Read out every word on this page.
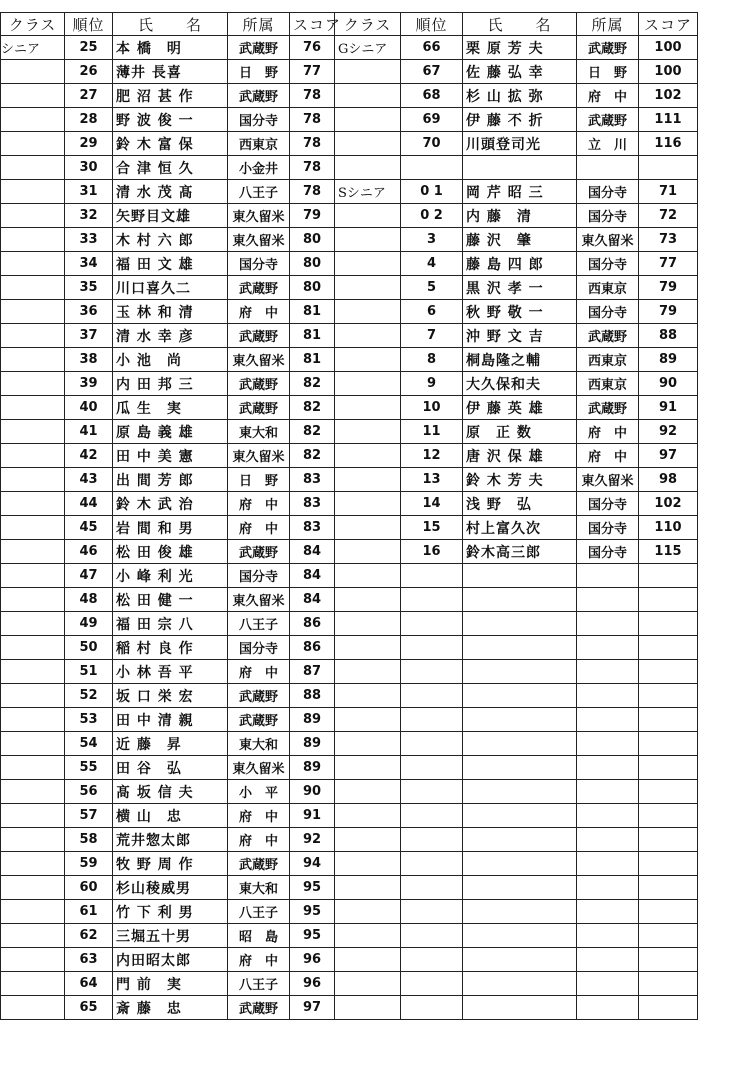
クラス	順位	氏　　名	所属	スコア	クラス	順位	氏　　名	所属	スコア
シニア	25	本 橋　明	武蔵野	76	Gシニア	66	栗 原 芳 夫	武蔵野	100
	26	薄井 長喜	日　野	77		67	佐 藤 弘 幸	日　野	100
	27	肥 沼 甚 作	武蔵野	78		68	杉 山 拡 弥	府　中	102
	28	野 波 俊 一	国分寺	78		69	伊 藤 不 折	武蔵野	111
	29	鈴 木 富 保	西東京	78		70	川頭登司光	立　川	116
	30	合 津 恒 久	小金井	78					
	31	清 水 茂 髙	八王子	78	Sシニア	0 1	岡 芹 昭 三	国分寺	71
	32	矢野目文雄	東久留米	79		0 2	内 藤　清	国分寺	72
	33	木 村 六 郎	東久留米	80		3	藤 沢　肇	東久留米	73
	34	福 田 文 雄	国分寺	80		4	藤 島 四 郎	国分寺	77
	35	川口喜久二	武蔵野	80		5	黒 沢 孝 一	西東京	79
	36	玉 林 和 清	府　中	81		6	秋 野 敬 一	国分寺	79
	37	清 水 幸 彦	武蔵野	81		7	沖 野 文 吉	武蔵野	88
	38	小 池　尚	東久留米	81		8	桐島隆之輔	西東京	89
	39	内 田 邦 三	武蔵野	82		9	大久保和夫	西東京	90
	40	瓜 生　実	武蔵野	82		10	伊 藤 英 雄	武蔵野	91
	41	原 島 義 雄	東大和	82		11	原　正 数	府　中	92
	42	田 中 美 憲	東久留米	82		12	唐 沢 保 雄	府　中	97
	43	出 間 芳 郎	日　野	83		13	鈴 木 芳 夫	東久留米	98
	44	鈴 木 武 治	府　中	83		14	浅 野　弘	国分寺	102
	45	岩 間 和 男	府　中	83		15	村上富久次	国分寺	110
	46	松 田 俊 雄	武蔵野	84		16	鈴木高三郎	国分寺	115
	47	小 峰 利 光	国分寺	84					
	48	松 田 健 一	東久留米	84					
	49	福 田 宗 八	八王子	86					
	50	稲 村 良 作	国分寺	86					
	51	小 林 吾 平	府　中	87					
	52	坂 口 栄 宏	武蔵野	88					
	53	田 中 清 親	武蔵野	89					
	54	近 藤　昇	東大和	89					
	55	田 谷　弘	東久留米	89					
	56	髙 坂 信 夫	小　平	90					
	57	横 山　忠	府　中	91					
	58	荒井惣太郎	府　中	92					
	59	牧 野 周 作	武蔵野	94					
	60	杉山稜威男	東大和	95					
	61	竹 下 利 男	八王子	95					
	62	三堀五十男	昭　島	95					
	63	内田昭太郎	府　中	96					
	64	門 前　実	八王子	96					
	65	斎 藤　忠	武蔵野	97					
